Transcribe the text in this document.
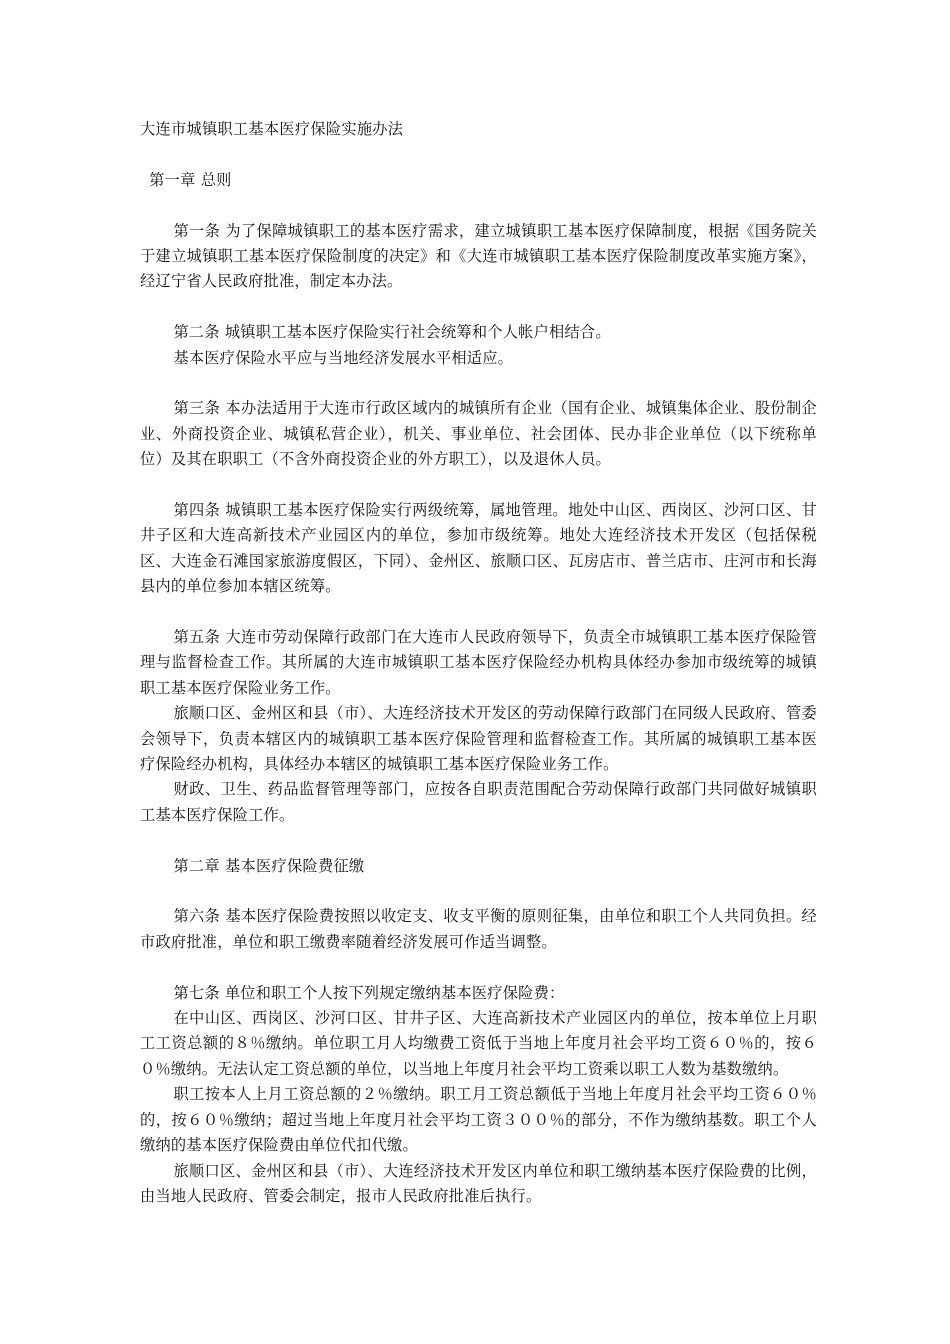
大连市城镇职工基本医疗保险实施办法

第一章 总则

第一条 为了保障城镇职工的基本医疗需求，建立城镇职工基本医疗保障制度，根据《国务院关于建立城镇职工基本医疗保险制度的决定》和《大连市城镇职工基本医疗保险制度改革实施方案》，经辽宁省人民政府批准，制定本办法。

第二条 城镇职工基本医疗保险实行社会统筹和个人帐户相结合。

基本医疗保险水平应与当地经济发展水平相适应。

第三条 本办法适用于大连市行政区域内的城镇所有企业（国有企业、城镇集体企业、股份制企业、外商投资企业、城镇私营企业），机关、事业单位、社会团体、民办非企业单位（以下统称单位）及其在职职工（不含外商投资企业的外方职工），以及退休人员。

第四条 城镇职工基本医疗保险实行两级统筹，属地管理。地处中山区、西岗区、沙河口区、甘井子区和大连高新技术产业园区内的单位，参加市级统筹。地处大连经济技术开发区（包括保税区、大连金石滩国家旅游度假区，下同）、金州区、旅顺口区、瓦房店市、普兰店市、庄河市和长海县内的单位参加本辖区统筹。

第五条 大连市劳动保障行政部门在大连市人民政府领导下，负责全市城镇职工基本医疗保险管理与监督检查工作。其所属的大连市城镇职工基本医疗保险经办机构具体经办参加市级统筹的城镇职工基本医疗保险业务工作。

旅顺口区、金州区和县（市）、大连经济技术开发区的劳动保障行政部门在同级人民政府、管委会领导下，负责本辖区内的城镇职工基本医疗保险管理和监督检查工作。其所属的城镇职工基本医疗保险经办机构，具体经办本辖区的城镇职工基本医疗保险业务工作。

财政、卫生、药品监督管理等部门，应按各自职责范围配合劳动保障行政部门共同做好城镇职工基本医疗保险工作。

第二章 基本医疗保险费征缴

第六条 基本医疗保险费按照以收定支、收支平衡的原则征集，由单位和职工个人共同负担。经市政府批准，单位和职工缴费率随着经济发展可作适当调整。

第七条 单位和职工个人按下列规定缴纳基本医疗保险费：

在中山区、西岗区、沙河口区、甘井子区、大连高新技术产业园区内的单位，按本单位上月职工工资总额的８％缴纳。单位职工月人均缴费工资低于当地上年度月社会平均工资６０％的，按６０％缴纳。无法认定工资总额的单位，以当地上年度月社会平均工资乘以职工人数为基数缴纳。

职工按本人上月工资总额的２％缴纳。职工月工资总额低于当地上年度月社会平均工资６０％的，按６０％缴纳；超过当地上年度月社会平均工资３００％的部分，不作为缴纳基数。职工个人缴纳的基本医疗保险费由单位代扣代缴。

旅顺口区、金州区和县（市）、大连经济技术开发区内单位和职工缴纳基本医疗保险费的比例，由当地人民政府、管委会制定，报市人民政府批准后执行。
